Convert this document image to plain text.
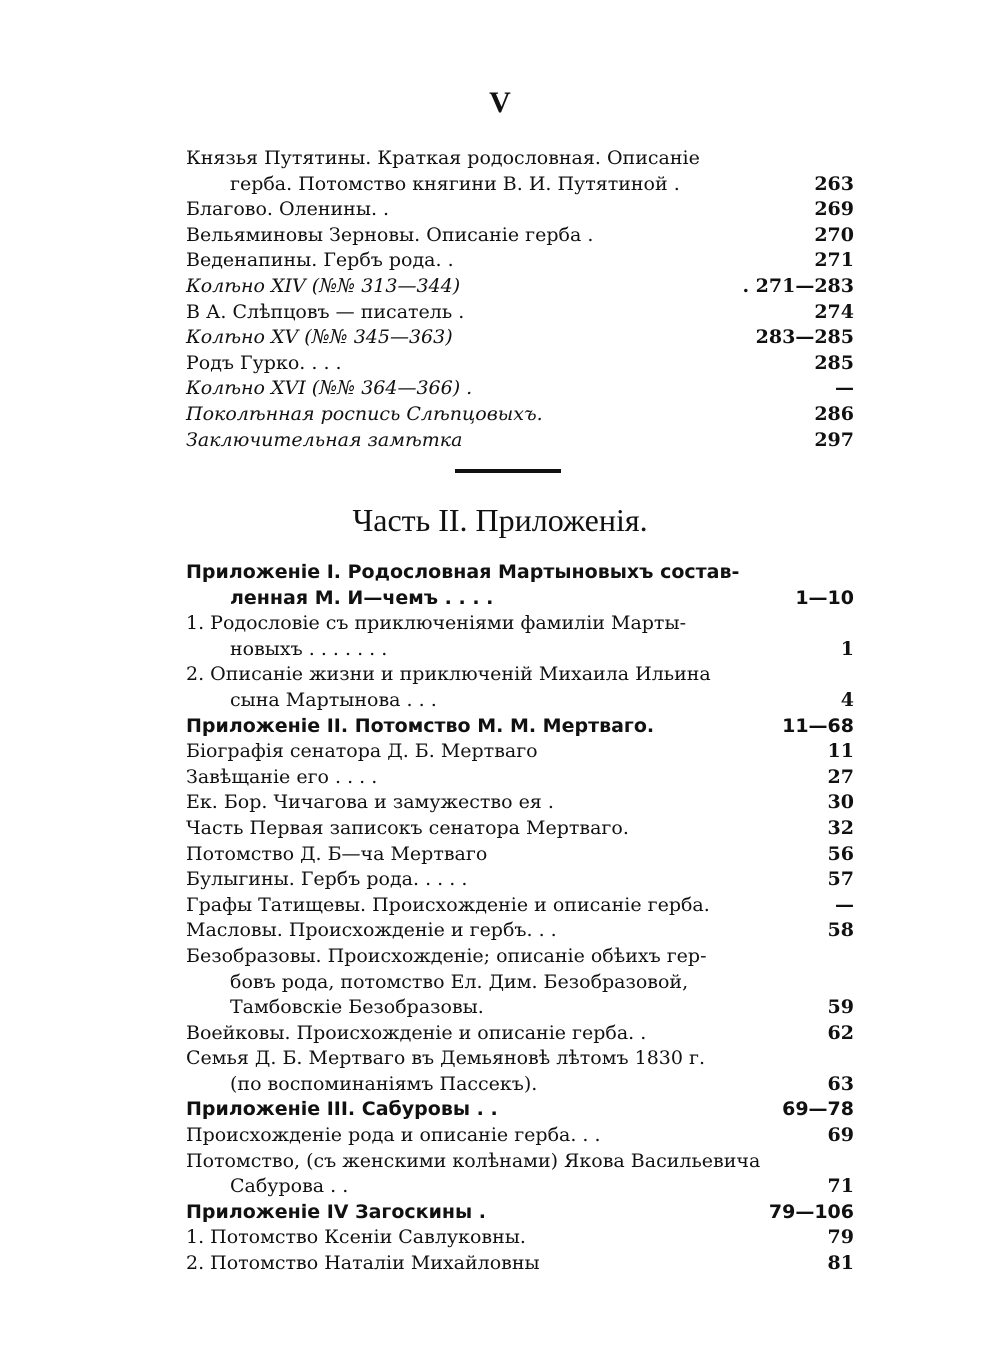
V
Князья Путятины. Краткая родословная. Описаніе
герба. Потомство княгини В. И. Путятиной .	263
Благово. Оленины. .	269
Вельяминовы Зерновы. Описаніе герба .	270
Веденапины. Гербъ рода. .	271
Колѣно XIV (№№ 313—344)	. 271—283
В А. Слѣпцовъ — писатель .	274
Колѣно XV (№№ 345—363)	283—285
Родъ Гурко. . . .	285
Колѣно XVI (№№ 364—366) .	—
Поколѣнная роспись Слѣпцовыхъ.	286
Заключительная замѣтка	297
Часть II. Приложенія.
Приложеніе I. Родословная Мартыновыхъ состав-
ленная М. И—чемъ . . . .	1—10
1. Родословіе съ приключеніями фамиліи Марты-
новыхъ . . . . . . .	1
2. Описаніе жизни и приключеній Михаила Ильина
сына Мартынова . . .	4
Приложеніе II. Потомство М. М. Мертваго.	11—68
Біографія сенатора Д. Б. Мертваго	11
Завѣщаніе его . . . .	27
Ек. Бор. Чичагова и замужество ея .	30
Часть Первая записокъ сенатора Мертваго.	32
Потомство Д. Б—ча Мертваго	56
Булыгины. Гербъ рода. . . . .	57
Графы Татищевы. Происхожденіе и описаніе герба.	—
Масловы. Происхожденіе и гербъ. . .	58
Безобразовы. Происхожденіе; описаніе обѣихъ гер-
бовъ рода, потомство Ел. Дим. Безобразовой,
Тамбовскіе Безобразовы.	59
Воейковы. Происхожденіе и описаніе герба. .	62
Семья Д. Б. Мертваго въ Демьяновѣ лѣтомъ 1830 г.
(по воспоминаніямъ Пассекъ).	63
Приложеніе III. Сабуровы . .	69—78
Происхожденіе рода и описаніе герба. . .	69
Потомство, (съ женскими колѣнами) Якова Васильевича
Сабурова . .	71
Приложеніе IV Загоскины .	79—106
1. Потомство Ксеніи Савлуковны.	79
2. Потомство Наталіи Михайловны	81
